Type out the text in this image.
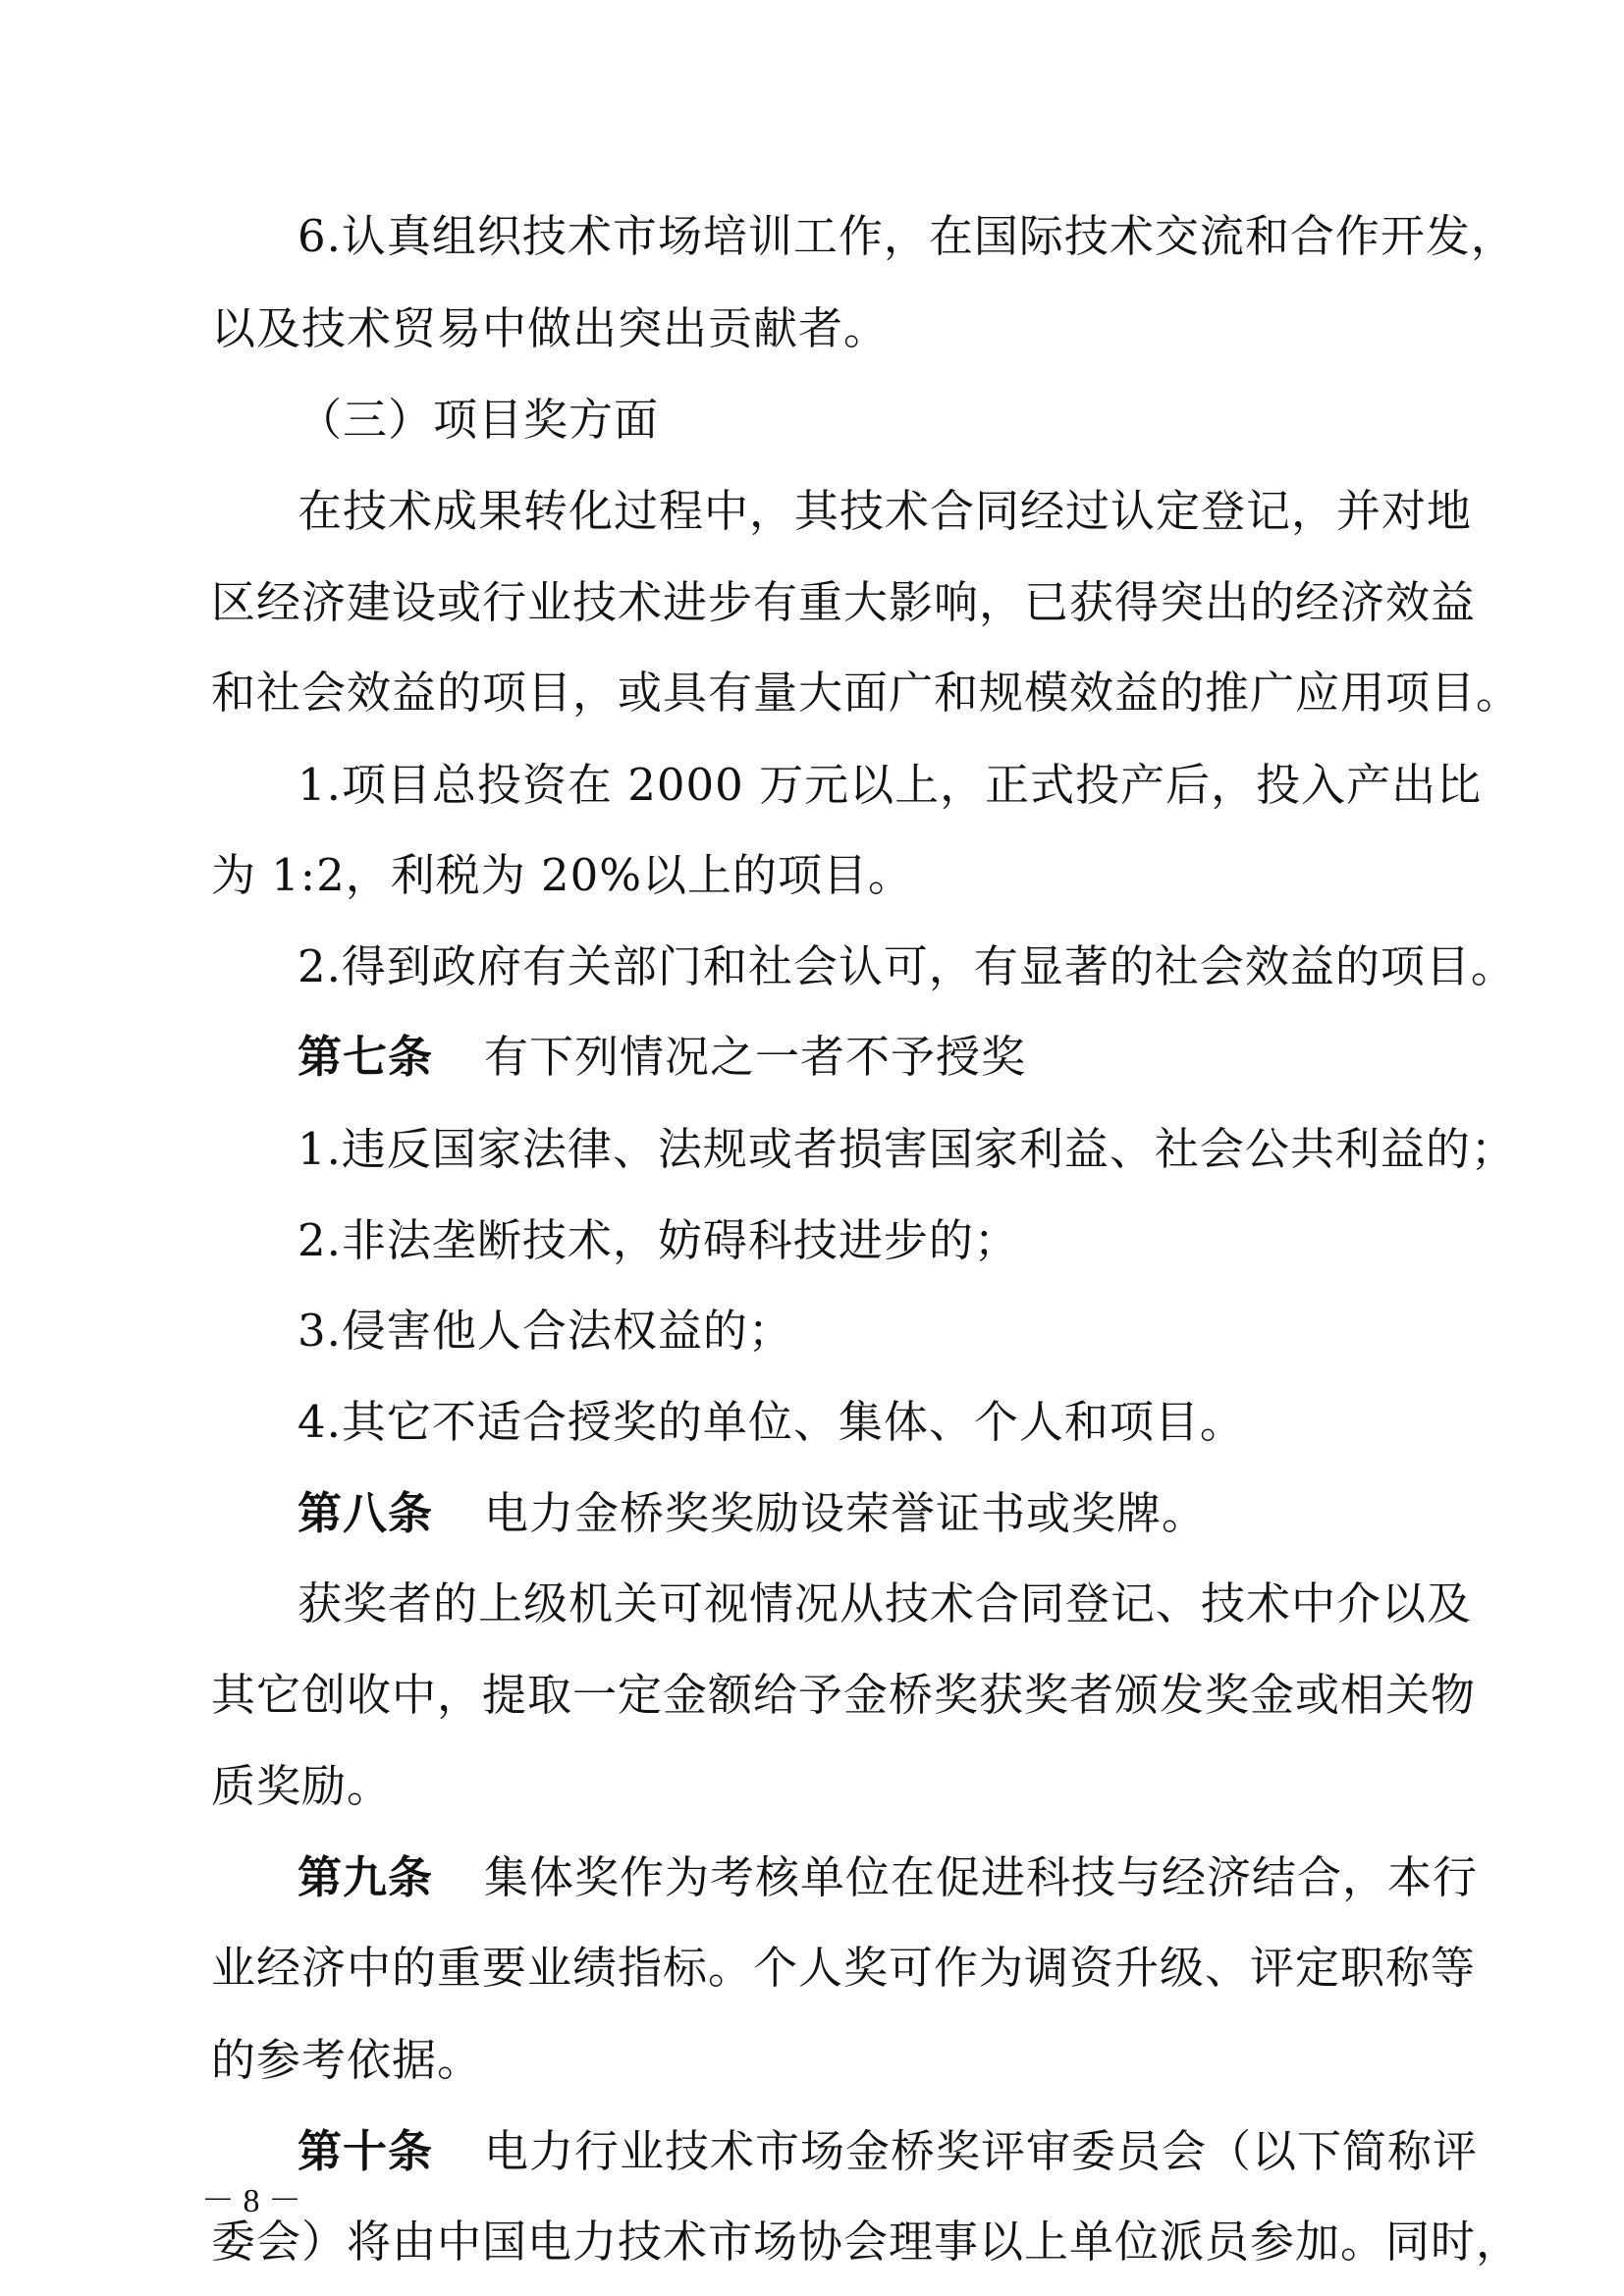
6.认真组织技术市场培训工作，在国际技术交流和合作开发，
以及技术贸易中做出突出贡献者。
（三）项目奖方面
在技术成果转化过程中，其技术合同经过认定登记，并对地
区经济建设或行业技术进步有重大影响，已获得突出的经济效益
和社会效益的项目，或具有量大面广和规模效益的推广应用项目。
1.项目总投资在 2000 万元以上，正式投产后，投入产出比
为 1:2，利税为 20%以上的项目。
2.得到政府有关部门和社会认可，有显著的社会效益的项目。
第七条 有下列情况之一者不予授奖
1.违反国家法律、法规或者损害国家利益、社会公共利益的；
2.非法垄断技术，妨碍科技进步的；
3.侵害他人合法权益的；
4.其它不适合授奖的单位、集体、个人和项目。
第八条 电力金桥奖奖励设荣誉证书或奖牌。
获奖者的上级机关可视情况从技术合同登记、技术中介以及
其它创收中，提取一定金额给予金桥奖获奖者颁发奖金或相关物
质奖励。
第九条 集体奖作为考核单位在促进科技与经济结合，本行
业经济中的重要业绩指标。个人奖可作为调资升级、评定职称等
的参考依据。
第十条 电力行业技术市场金桥奖评审委员会（以下简称评
委会）将由中国电力技术市场协会理事以上单位派员参加。同时，
－ 8 －
